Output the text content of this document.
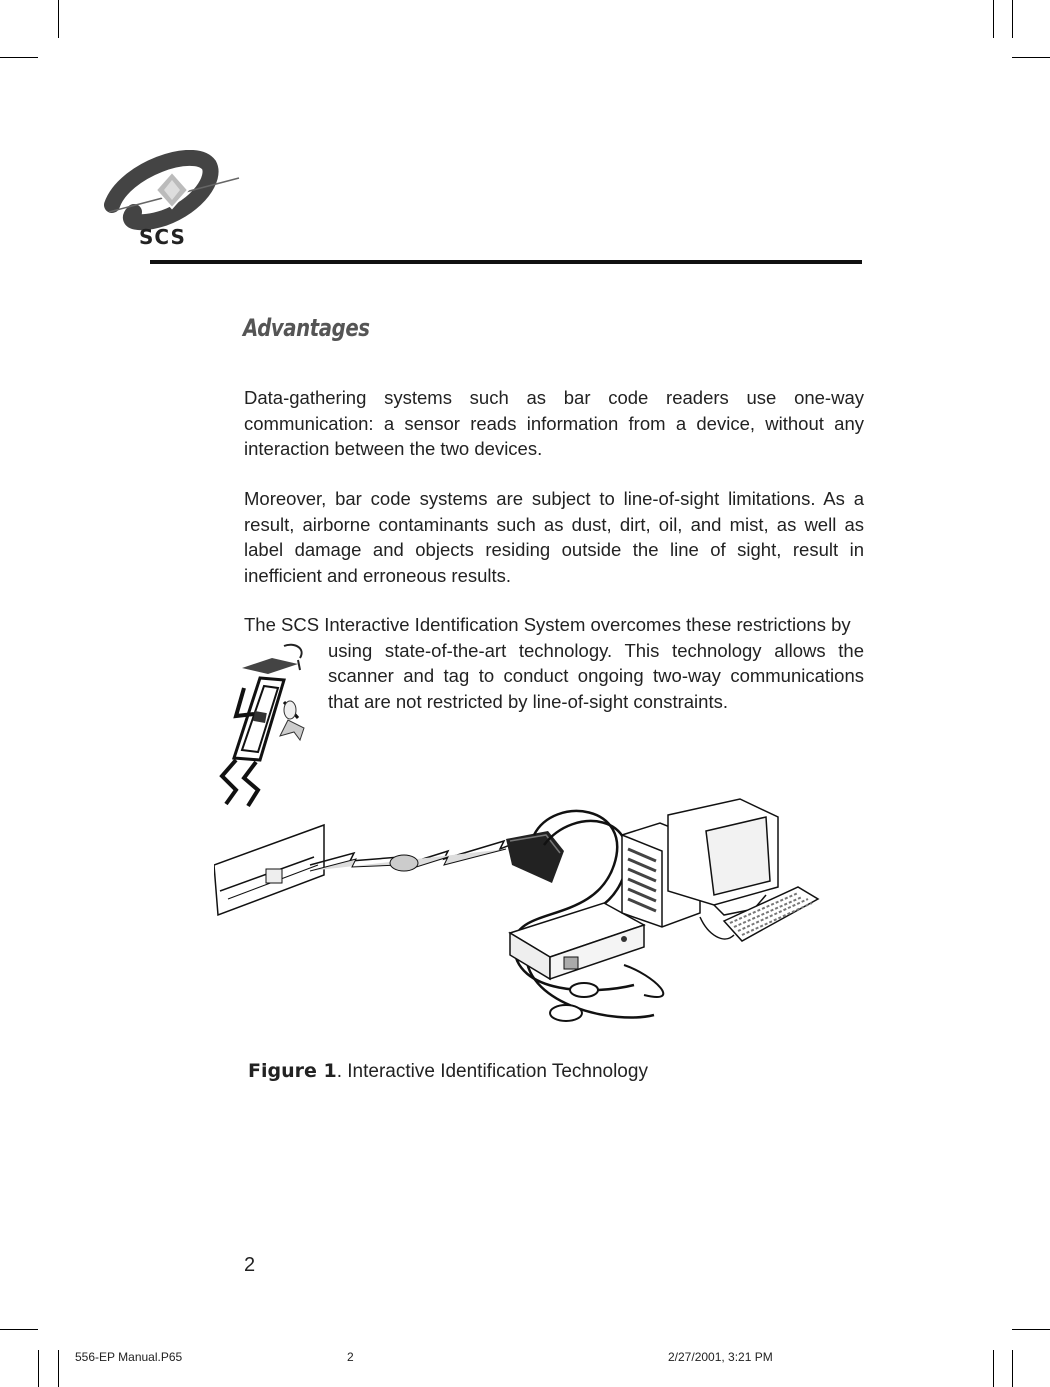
SCS
Advantages

Data-gathering systems such as bar code readers use one-way communication: a sensor reads information from a device, without any interaction between the two devices.

Moreover, bar code systems are subject to line-of-sight limitations. As a result, airborne contaminants such as dust, dirt, oil, and mist, as well as label damage and objects residing outside the line of sight, result in inefficient and erroneous results.

The SCS Interactive Identification System overcomes these restrictions by
using state-of-the-art technology. This technology allows the scanner and tag to conduct ongoing two-way communications that are not restricted by line-of-sight constraints.

Figure 1. Interactive Identification Technology

2

556-EP Manual.P65	2	2/27/2001, 3:21 PM
